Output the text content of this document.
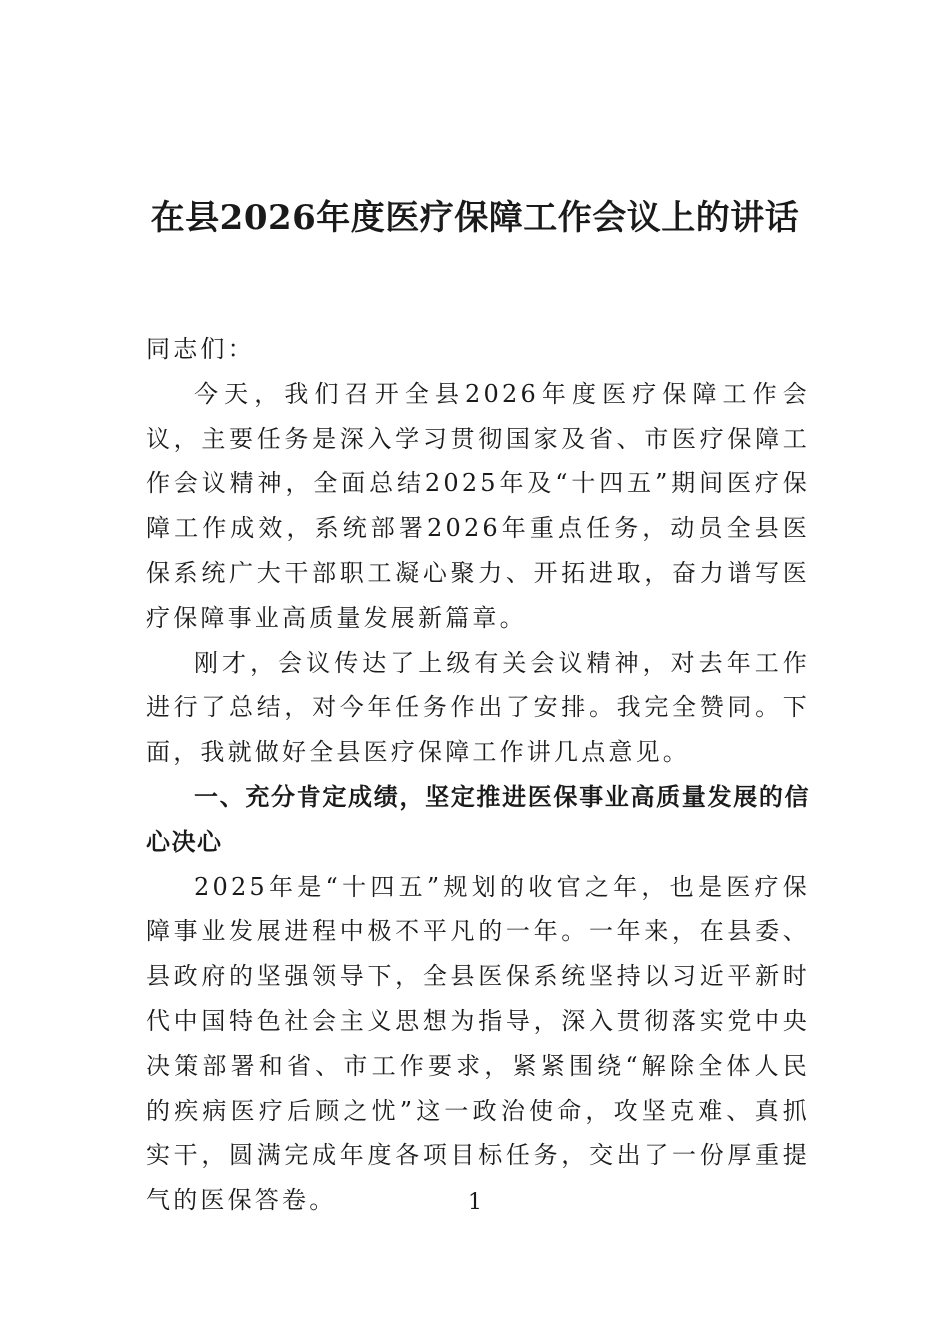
在县2026年度医疗保障工作会议上的讲话

同志们：

今天，我们召开全县2026年度医疗保障工作会议，主要任务是深入学习贯彻国家及省、市医疗保障工作会议精神，全面总结2025年及“十四五”期间医疗保障工作成效，系统部署2026年重点任务，动员全县医保系统广大干部职工凝心聚力、开拓进取，奋力谱写医疗保障事业高质量发展新篇章。

刚才，会议传达了上级有关会议精神，对去年工作进行了总结，对今年任务作出了安排。我完全赞同。下面，我就做好全县医疗保障工作讲几点意见。

一、充分肯定成绩，坚定推进医保事业高质量发展的信心决心

2025年是“十四五”规划的收官之年，也是医疗保障事业发展进程中极不平凡的一年。一年来，在县委、县政府的坚强领导下，全县医保系统坚持以习近平新时代中国特色社会主义思想为指导，深入贯彻落实党中央决策部署和省、市工作要求，紧紧围绕“解除全体人民的疾病医疗后顾之忧”这一政治使命，攻坚克难、真抓实干，圆满完成年度各项目标任务，交出了一份厚重提气的医保答卷。	1
